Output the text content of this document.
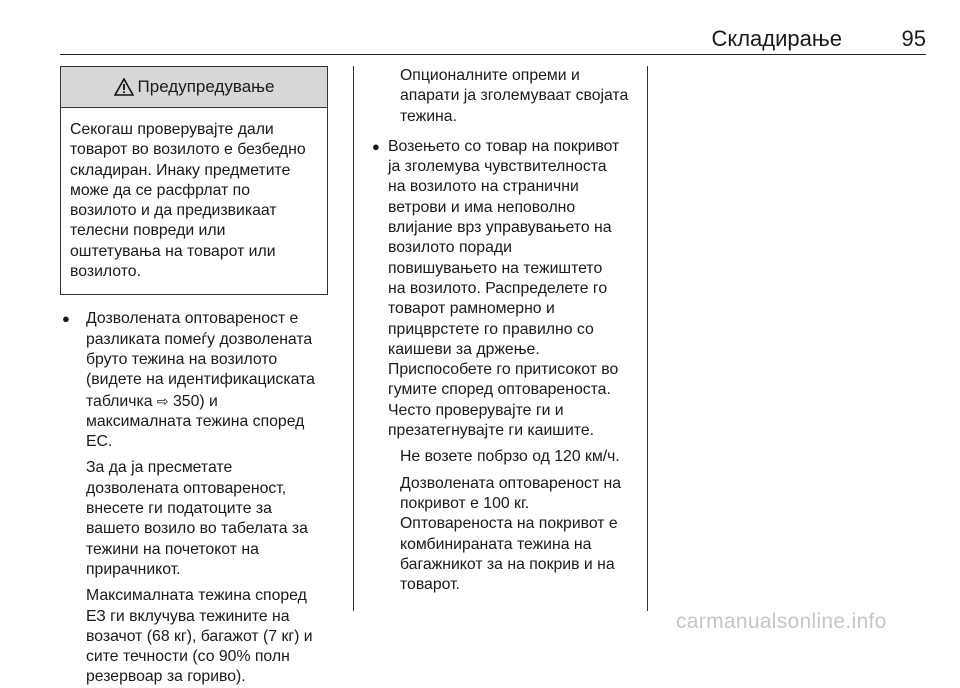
Складирање	95
Предупредување

Секогаш проверувајте дали

товарот во возилото е безбедно

складиран. Инаку предметите

може да се расфрлат по

возилото и да предизвикаат

телесни повреди или

оштетувања на товарот или

возилото.

● Дозволената оптовареност е

разликата помеѓу дозволената

бруто тежина на возилото

(видете на идентификациската

табличка ⇨ 350) и

максималната тежина според

ЕС.

За да ја пресметате

дозволената оптовареност,

внесете ги податоците за

вашето возило во табелата за

тежини на почетокот на

прирачникот.

Максималната тежина според

ЕЗ ги вклучува тежините на

возачот (68 кг), багажот (7 кг) и

сите течности (со 90% полн

резервоар за гориво).

Опционалните опреми и

апарати ја зголемуваат својата

тежина.

● Возењето со товар на покривот

ја зголемува чувствителноста

на возилото на странични

ветрови и има неповолно

влијание врз управувањето на

возилото поради

повишувањето на тежиштето

на возилото. Распределете го

товарот рамномерно и

прицврстете го правилно со

каишеви за држење.

Приспособете го притисокот во

гумите според оптовареноста.

Често проверувајте ги и

презатегнувајте ги каишите.

Не возете побрзо од 120 км/ч.

Дозволената оптовареност на

покривот е 100 кг.

Оптовареноста на покривот е

комбинираната тежина на

багажникот за на покрив и на

товарот.

carmanualsonline.info
